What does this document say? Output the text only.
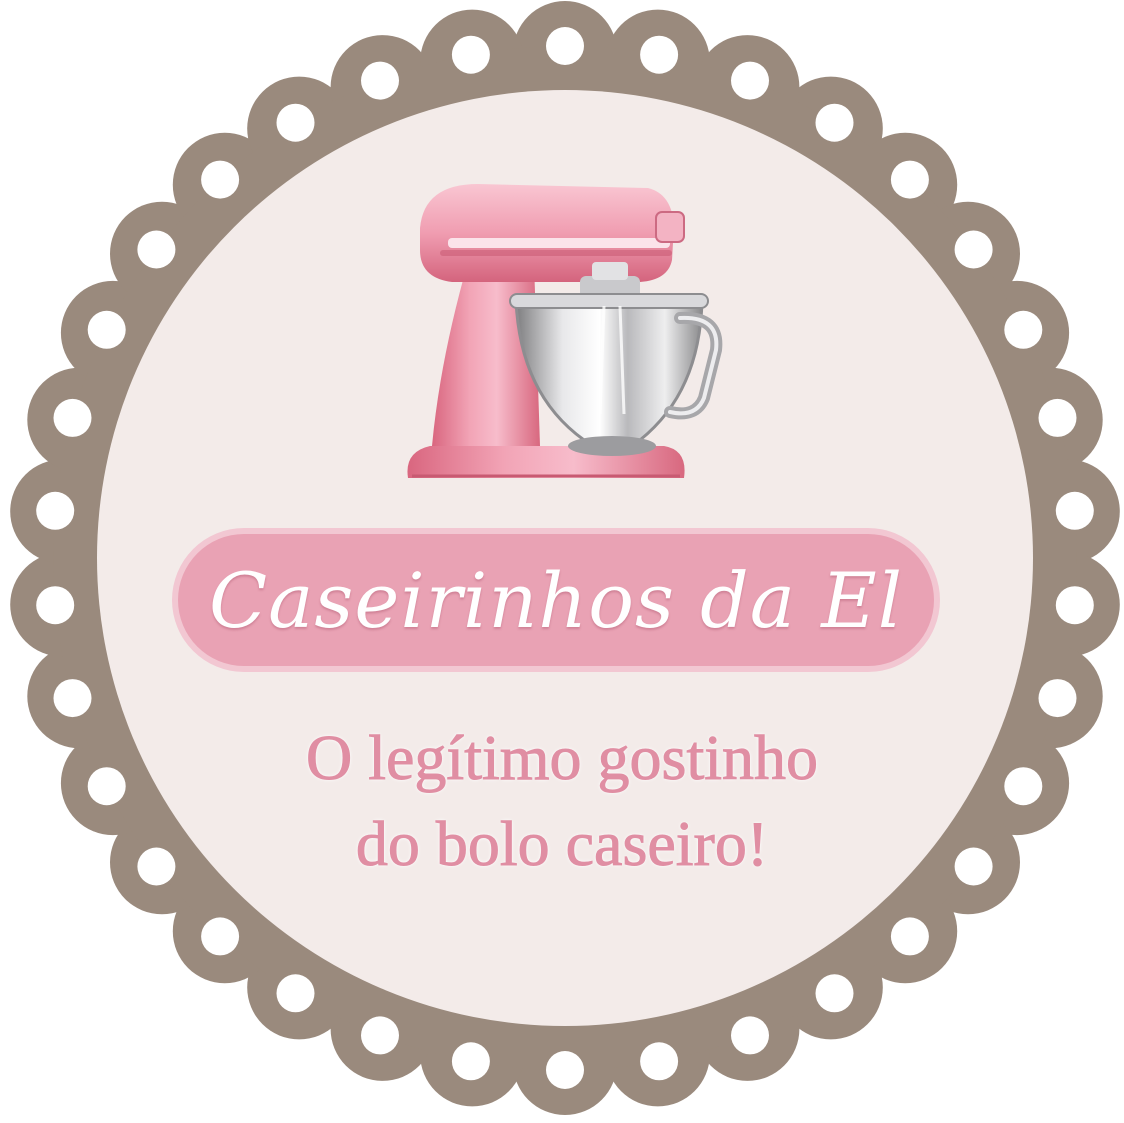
Caseirinhos da El
O legítimo gostinho
do bolo caseiro!
